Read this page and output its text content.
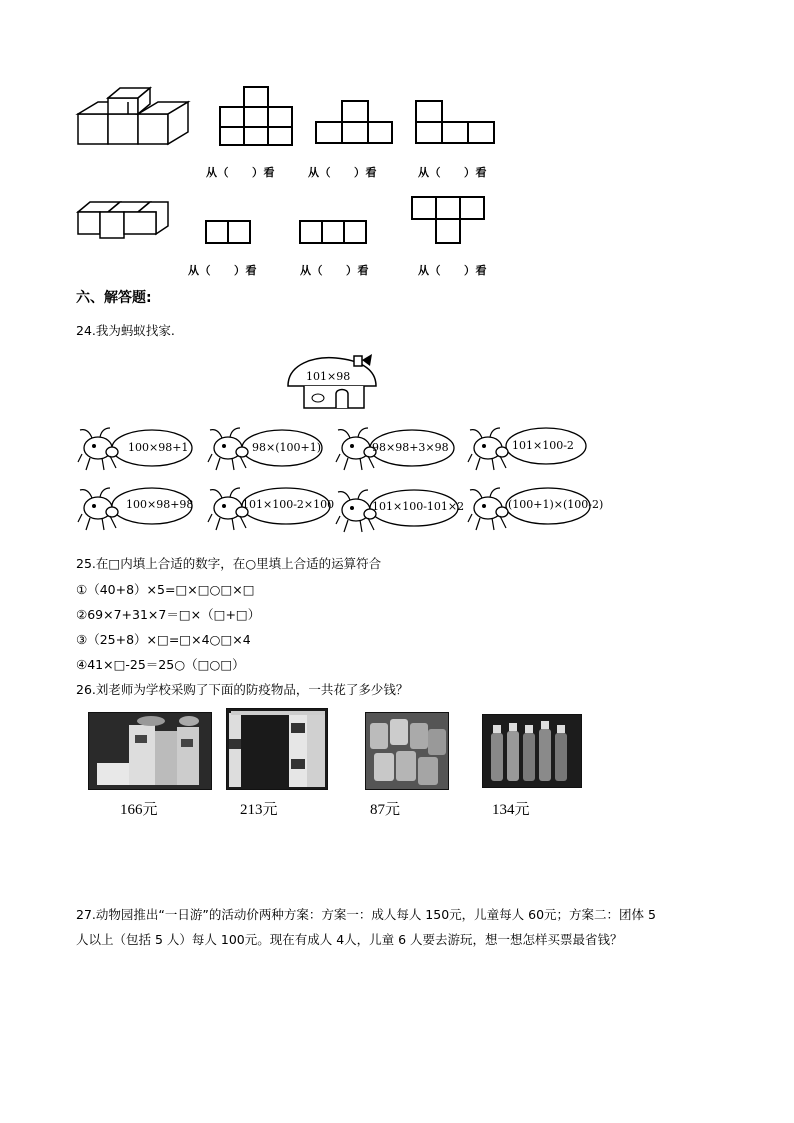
从（　　）看	从（　　）看	从（　　）看
从（　　）看	从（　　）看	从（　　）看
六、解答题:
24.我为蚂蚁找家.
101×98
100×98+1	98×(100+1)	98×98+3×98	101×100-2
100×98+98	101×100-2×100	101×100-101×2	(100+1)×(100-2)
25.在□内填上合适的数字，在○里填上合适的运算符合
①（40+8）×5=□×□○□×□
②69×7+31×7＝□×（□+□）
③（25+8）×□=□×4○□×4
④41×□-25＝25○（□○□）
26.刘老师为学校采购了下面的防疫物品，一共花了多少钱？
166元	213元	87元	134元
27.动物园推出“一日游”的活动价两种方案：方案一：成人每人 150元，儿童每人 60元；方案二：团体 5
人以上（包括 5 人）每人 100元。现在有成人 4人，儿童 6 人要去游玩，想一想怎样买票最省钱？
